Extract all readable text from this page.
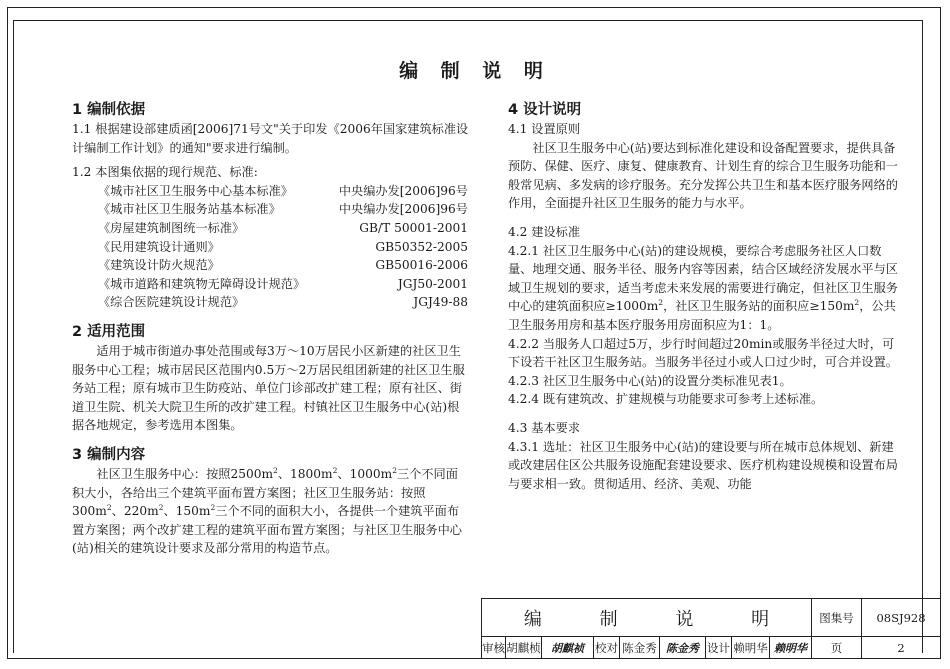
编 制 说 明
1 编制依据

1.1 根据建设部建质函[2006]71号文"关于印发《2006年国家建筑标准设计编制工作计划》的通知"要求进行编制。

1.2 本图集依据的现行规范、标准:

《城市社区卫生服务中心基本标准》	中央编办发[2006]96号
《城市社区卫生服务站基本标准》	中央编办发[2006]96号
《房屋建筑制图统一标准》	GB/T 50001-2001
《民用建筑设计通则》	GB50352-2005
《建筑设计防火规范》	GB50016-2006
《城市道路和建筑物无障碍设计规范》	JGJ50-2001
《综合医院建筑设计规范》	JGJ49-88
2 适用范围

适用于城市街道办事处范围或每3万～10万居民小区新建的社区卫生服务中心工程；城市居民区范围内0.5万～2万居民组团新建的社区卫生服务站工程；原有城市卫生防疫站、单位门诊部改扩建工程；原有社区、街道卫生院、机关大院卫生所的改扩建工程。村镇社区卫生服务中心(站)根据各地规定，参考选用本图集。

3 编制内容

社区卫生服务中心：按照$2500m^2$、$1800m^2$、$1000m^2$三个不同面积大小，各给出三个建筑平面布置方案图；社区卫生服务站：按照$300m^2$、$220m^2$、$150m^2$三个不同的面积大小，各提供一个建筑平面布置方案图；两个改扩建工程的建筑平面布置方案图；与社区卫生服务中心(站)相关的建筑设计要求及部分常用的构造节点。

4 设计说明

4.1 设置原则

社区卫生服务中心(站)要达到标准化建设和设备配置要求，提供具备预防、保健、医疗、康复、健康教育、计划生育的综合卫生服务功能和一般常见病、多发病的诊疗服务。充分发挥公共卫生和基本医疗服务网络的作用，全面提升社区卫生服务的能力与水平。

4.2 建设标准

4.2.1 社区卫生服务中心(站)的建设规模，要综合考虑服务社区人口数量、地理交通、服务半径、服务内容等因素，结合区域经济发展水平与区域卫生规划的要求，适当考虑未来发展的需要进行确定，但社区卫生服务中心的建筑面积应$\ge 1000m^2$，社区卫生服务站的面积应$\ge 150m^2$，公共卫生服务用房和基本医疗服务用房面积应为1：1。

4.2.2 当服务人口超过5万，步行时间超过20min或服务半径过大时，可下设若干社区卫生服务站。当服务半径过小或人口过少时，可合并设置。

4.2.3 社区卫生服务中心(站)的设置分类标准见表1。

4.2.4 既有建筑改、扩建规模与功能要求可参考上述标准。

4.3 基本要求

4.3.1 选址：社区卫生服务中心(站)的建设要与所在城市总体规划、新建或改建居住区公共服务设施配套建设要求、医疗机构建设规模和设置布局与要求相一致。贯彻适用、经济、美观、功能

编 制 说 明	图集号	08SJ928
审核 胡麒桢 胡麒祯 校对 陈金秀 陈金秀 设计 赖明华 赖明华	页	2
